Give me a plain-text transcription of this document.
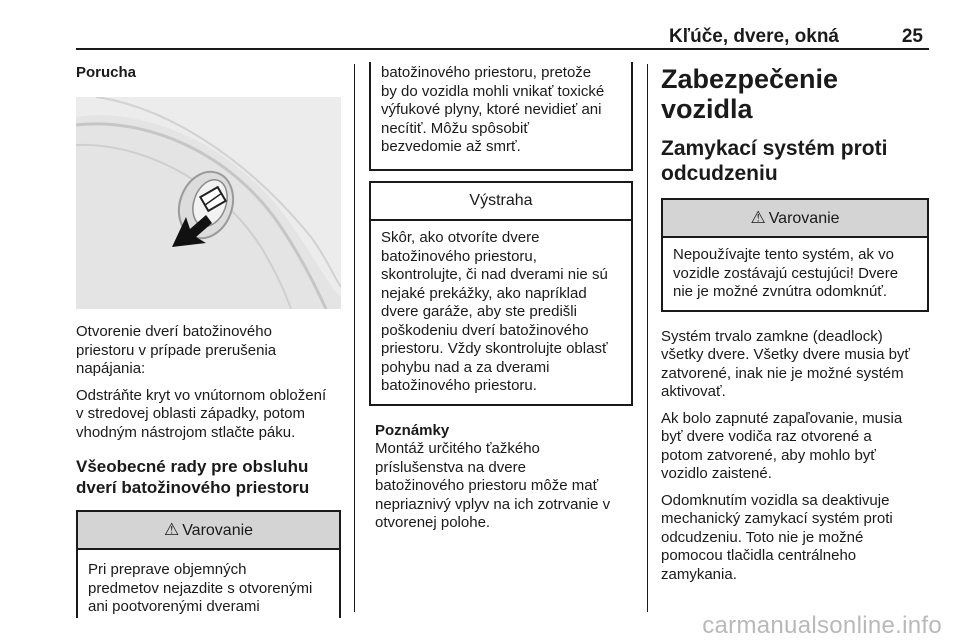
Kľúče, dvere, okná	25
Porucha

Otvorenie dverí batožinového
priestoru v prípade prerušenia
napájania:

Odstráňte kryt vo vnútornom obložení
v stredovej oblasti západky, potom
vhodným nástrojom stlačte páku.

Všeobecné rady pre obsluhu
dverí batožinového priestoru
⚠ Varovanie
Pri preprave objemných
predmetov nejazdite s otvorenými
ani pootvorenými dverami
batožinového priestoru, pretože
by do vozidla mohli vnikať toxické
výfukové plyny, ktoré nevidieť ani
necítiť. Môžu spôsobiť
bezvedomie až smrť.
Výstraha
Skôr, ako otvoríte dvere
batožinového priestoru,
skontrolujte, či nad dverami nie sú
nejaké prekážky, ako napríklad
dvere garáže, aby ste predišli
poškodeniu dverí batožinového
priestoru. Vždy skontrolujte oblasť
pohybu nad a za dverami
batožinového priestoru.
Poznámky
Montáž určitého ťažkého
príslušenstva na dvere
batožinového priestoru môže mať
nepriaznivý vplyv na ich zotrvanie v
otvorenej polohe.
Zabezpečenie vozidla
Zamykací systém proti
odcudzeniu
⚠ Varovanie
Nepoužívajte tento systém, ak vo
vozidle zostávajú cestujúci! Dvere
nie je možné zvnútra odomknúť.

Systém trvalo zamkne (deadlock)
všetky dvere. Všetky dvere musia byť
zatvorené, inak nie je možné systém
aktivovať.

Ak bolo zapnuté zapaľovanie, musia
byť dvere vodiča raz otvorené a
potom zatvorené, aby mohlo byť
vozidlo zaistené.

Odomknutím vozidla sa deaktivuje
mechanický zamykací systém proti
odcudzeniu. Toto nie je možné
pomocou tlačidla centrálneho
zamykania.

carmanualsonline.info
